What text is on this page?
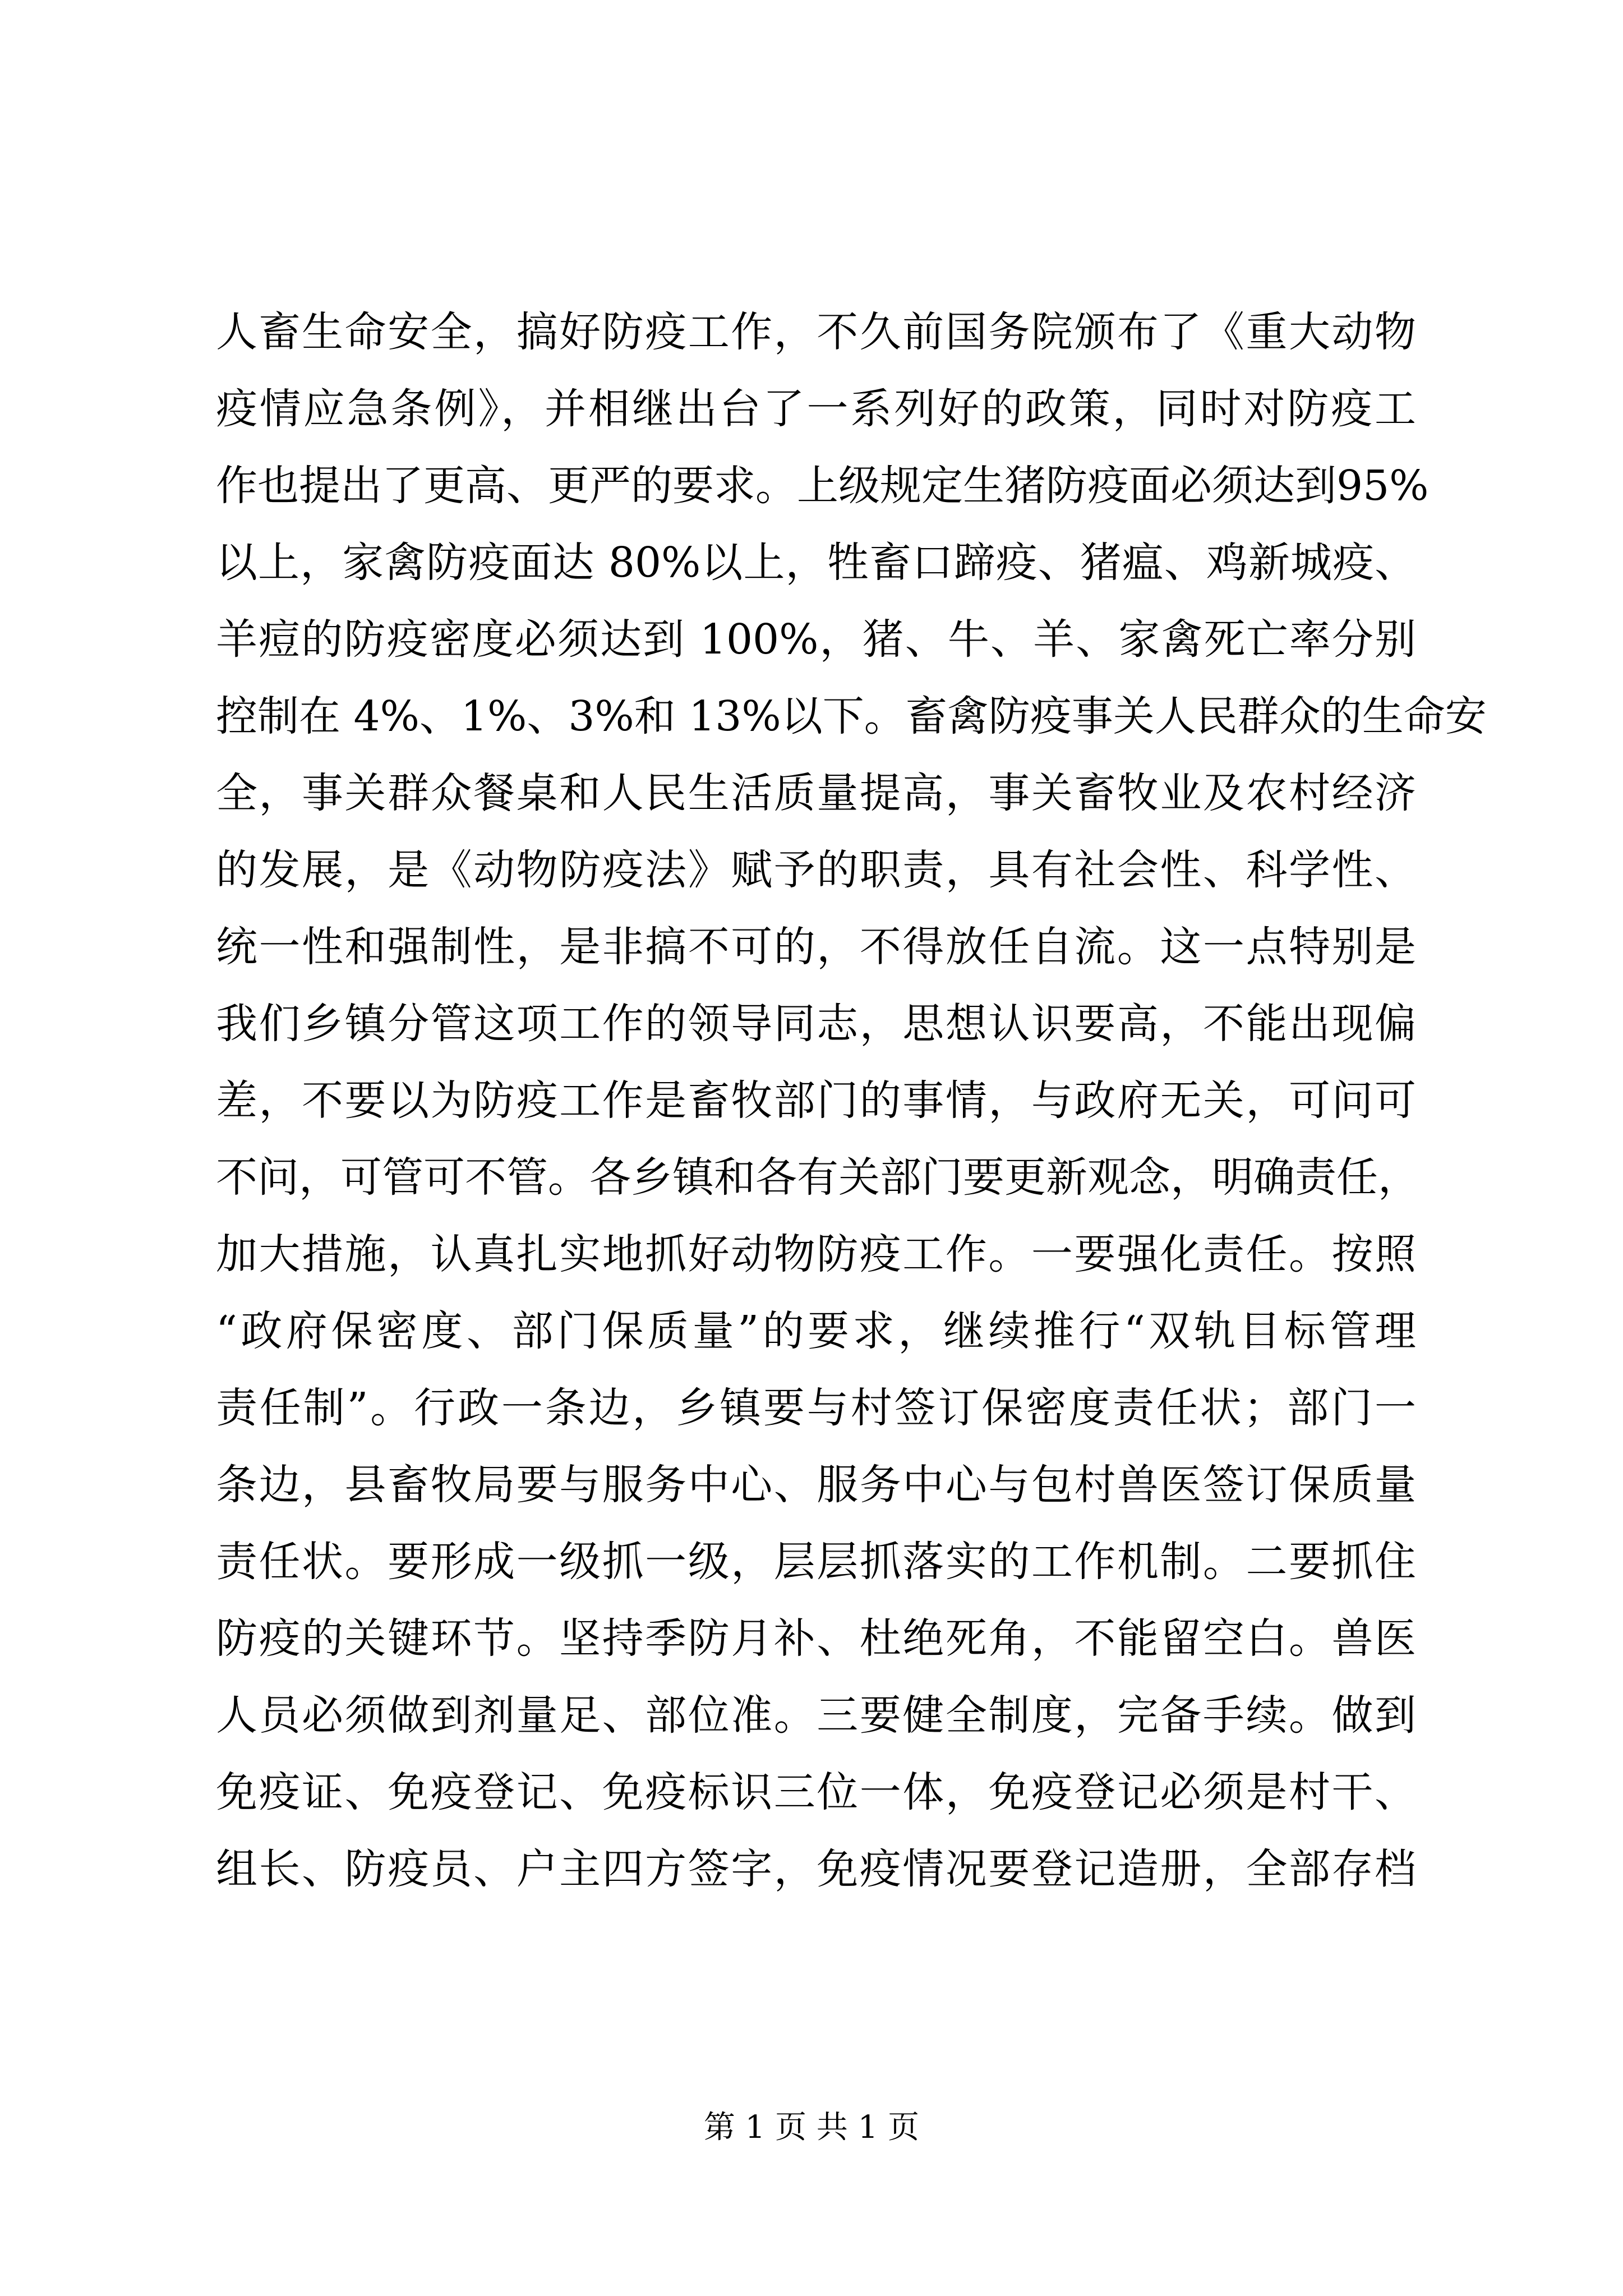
人畜生命安全，搞好防疫工作，不久前国务院颁布了《重大动物
疫情应急条例》，并相继出台了一系列好的政策，同时对防疫工
作也提出了更高、更严的要求。上级规定生猪防疫面必须达到95%
以上，家禽防疫面达 80%以上，牲畜口蹄疫、猪瘟、鸡新城疫、
羊痘的防疫密度必须达到 100%，猪、牛、羊、家禽死亡率分别
控制在 4%、1%、3%和 13%以下。畜禽防疫事关人民群众的生命安
全，事关群众餐桌和人民生活质量提高，事关畜牧业及农村经济
的发展，是《动物防疫法》赋予的职责，具有社会性、科学性、
统一性和强制性，是非搞不可的，不得放任自流。这一点特别是
我们乡镇分管这项工作的领导同志，思想认识要高，不能出现偏
差，不要以为防疫工作是畜牧部门的事情，与政府无关，可问可
不问，可管可不管。各乡镇和各有关部门要更新观念，明确责任，
加大措施，认真扎实地抓好动物防疫工作。一要强化责任。按照
“政府保密度、部门保质量”的要求，继续推行“双轨目标管理
责任制”。行政一条边，乡镇要与村签订保密度责任状；部门一
条边，县畜牧局要与服务中心、服务中心与包村兽医签订保质量
责任状。要形成一级抓一级，层层抓落实的工作机制。二要抓住
防疫的关键环节。坚持季防月补、杜绝死角，不能留空白。兽医
人员必须做到剂量足、部位准。三要健全制度，完备手续。做到
免疫证、免疫登记、免疫标识三位一体，免疫登记必须是村干、
组长、防疫员、户主四方签字，免疫情况要登记造册，全部存档
第 1 页 共 1 页
